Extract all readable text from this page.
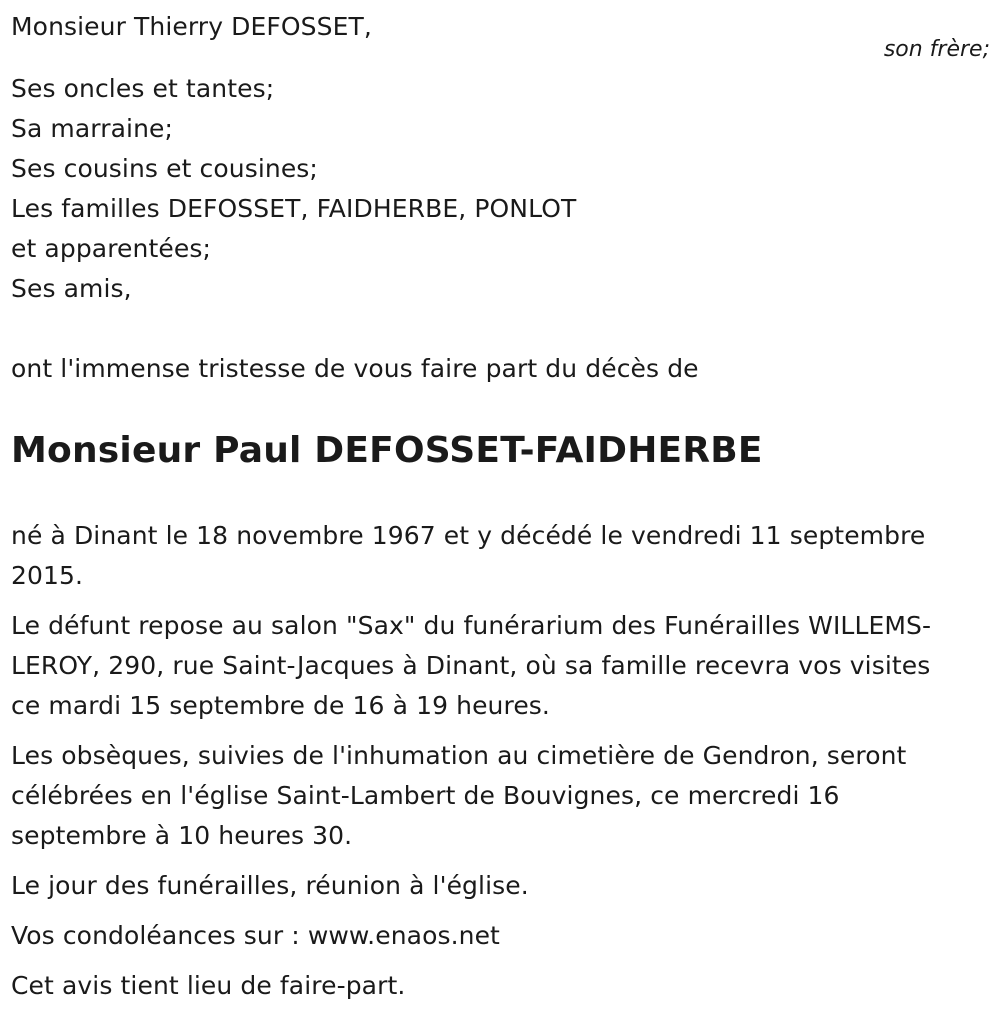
Monsieur Thierry DEFOSSET,
son frère;
Ses oncles et tantes;
Sa marraine;
Ses cousins et cousines;
Les familles DEFOSSET, FAIDHERBE, PONLOT
et apparentées;
Ses amis,
ont l'immense tristesse de vous faire part du décès de
Monsieur Paul DEFOSSET-FAIDHERBE
né à Dinant le 18 novembre 1967 et y décédé le vendredi 11 septembre
2015.
Le défunt repose au salon "Sax" du funérarium des Funérailles WILLEMS-
LEROY, 290, rue Saint-Jacques à Dinant, où sa famille recevra vos visites
ce mardi 15 septembre de 16 à 19 heures.
Les obsèques, suivies de l'inhumation au cimetière de Gendron, seront
célébrées en l'église Saint-Lambert de Bouvignes, ce mercredi 16
septembre à 10 heures 30.
Le jour des funérailles, réunion à l'église.
Vos condoléances sur : www.enaos.net
Cet avis tient lieu de faire-part.
